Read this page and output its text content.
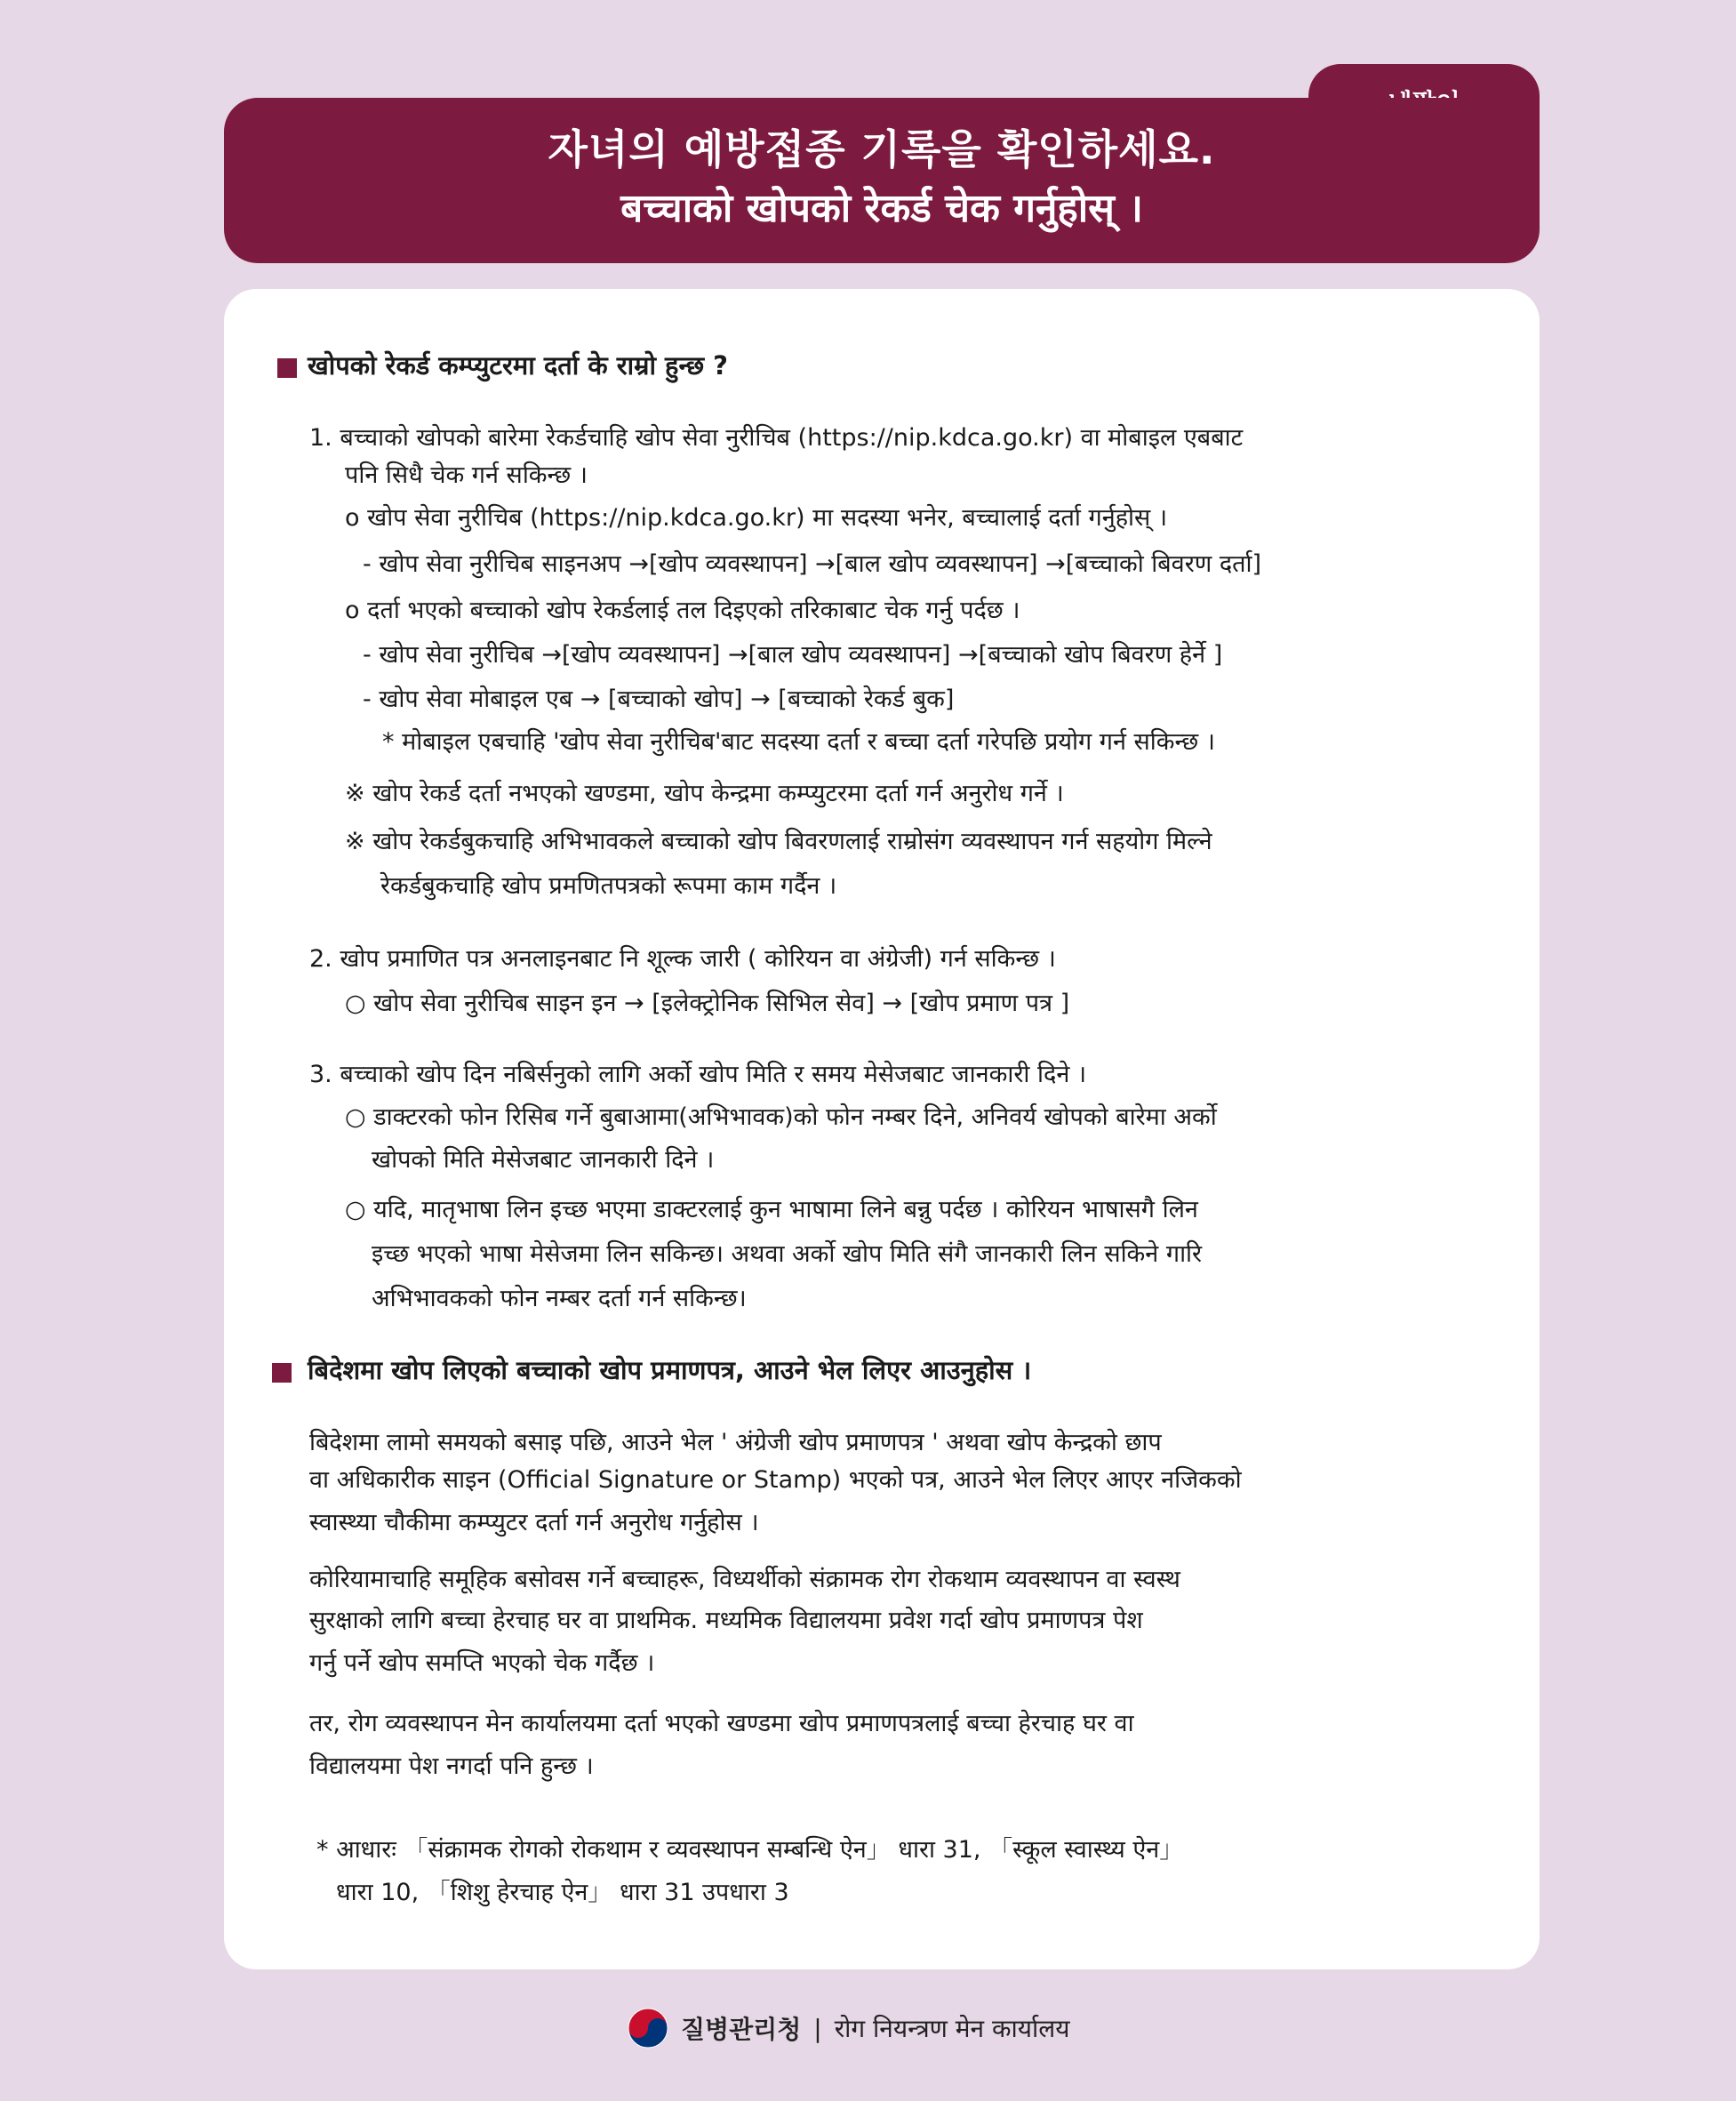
자녀의 예방접종 기록을 확인하세요.
बच्चाको खोपको रेकर्ड चेक गर्नुहोस् ।
खोपको रेकर्ड कम्प्युटरमा दर्ता के राम्रो हुन्छ ?
1. बच्चाको खोपको बारेमा रेकर्डचाहि खोप सेवा नुरीचिब (https://nip.kdca.go.kr) वा मोबाइल एबबाट
पनि सिधै चेक गर्न सकिन्छ ।
o खोप सेवा नुरीचिब (https://nip.kdca.go.kr) मा सदस्या भनेर, बच्चालाई दर्ता गर्नुहोस् ।
- खोप सेवा नुरीचिब साइनअप →[खोप व्यवस्थापन] →[बाल खोप व्यवस्थापन] →[बच्चाको बिवरण दर्ता]
o दर्ता भएको बच्चाको खोप रेकर्डलाई तल दिइएको तरिकाबाट चेक गर्नु पर्दछ ।
- खोप सेवा नुरीचिब →[खोप व्यवस्थापन] →[बाल खोप व्यवस्थापन] →[बच्चाको खोप बिवरण हेर्ने ]
- खोप सेवा मोबाइल एब → [बच्चाको खोप] → [बच्चाको रेकर्ड बुक]
* मोबाइल एबचाहि 'खोप सेवा नुरीचिब'बाट सदस्या दर्ता र बच्चा दर्ता गरेपछि प्रयोग गर्न सकिन्छ ।
※ खोप रेकर्ड दर्ता नभएको खण्डमा, खोप केन्द्रमा कम्प्युटरमा दर्ता गर्न अनुरोध गर्ने ।
※ खोप रेकर्डबुकचाहि अभिभावकले बच्चाको खोप बिवरणलाई राम्रोसंग व्यवस्थापन गर्न सहयोग मिल्ने
रेकर्डबुकचाहि खोप प्रमणितपत्रको रूपमा काम गर्दैन ।
2. खोप प्रमाणित पत्र अनलाइनबाट नि शूल्क जारी ( कोरियन वा अंग्रेजी) गर्न सकिन्छ ।
○ खोप सेवा नुरीचिब साइन इन → [इलेक्ट्रोनिक सिभिल सेव] → [खोप प्रमाण पत्र ]
3. बच्चाको खोप दिन नबिर्सनुको लागि अर्को खोप मिति र समय मेसेजबाट जानकारी दिने ।
○ डाक्टरको फोन रिसिब गर्ने बुबाआमा(अभिभावक)को फोन नम्बर दिने, अनिवर्य खोपको बारेमा अर्को
खोपको मिति मेसेजबाट जानकारी दिने ।
○ यदि, मातृभाषा लिन इच्छ भएमा डाक्टरलाई कुन भाषामा लिने बन्नु पर्दछ । कोरियन भाषासगै लिन
इच्छ भएको भाषा मेसेजमा लिन सकिन्छ। अथवा अर्को खोप मिति संगै जानकारी लिन सकिने गारि
अभिभावकको फोन नम्बर दर्ता गर्न सकिन्छ।
बिदेशमा खोप लिएको बच्चाको खोप प्रमाणपत्र, आउने भेल लिएर आउनुहोस ।
बिदेशमा लामो समयको बसाइ पछि, आउने भेल ' अंग्रेजी खोप प्रमाणपत्र ' अथवा खोप केन्द्रको छाप
वा अधिकारीक साइन (Official Signature or Stamp) भएको पत्र, आउने भेल लिएर आएर नजिकको
स्वास्थ्या चौकीमा कम्प्युटर दर्ता गर्न अनुरोध गर्नुहोस ।
कोरियामाचाहि समूहिक बसोवस गर्ने बच्चाहरू, विध्यर्थीको संक्रामक रोग रोकथाम व्यवस्थापन वा स्वस्थ
सुरक्षाको लागि बच्चा हेरचाह घर वा प्राथमिक. मध्यमिक विद्यालयमा प्रवेश गर्दा खोप प्रमाणपत्र पेश
गर्नु पर्ने खोप समप्ति भएको चेक गर्दैछ ।
तर, रोग व्यवस्थापन मेन कार्यालयमा दर्ता भएको खण्डमा खोप प्रमाणपत्रलाई बच्चा हेरचाह घर वा
विद्यालयमा पेश नगर्दा पनि हुन्छ ।
* आधारः 「संक्रामक रोगको रोकथाम र व्यवस्थापन सम्बन्धि ऐन」 धारा 31, 「स्कूल स्वास्थ्य ऐन」
धारा 10, 「शिशु हेरचाह ऐन」 धारा 31 उपधारा 3
질병관리청 | रोग नियन्त्रण मेन कार्यालय
